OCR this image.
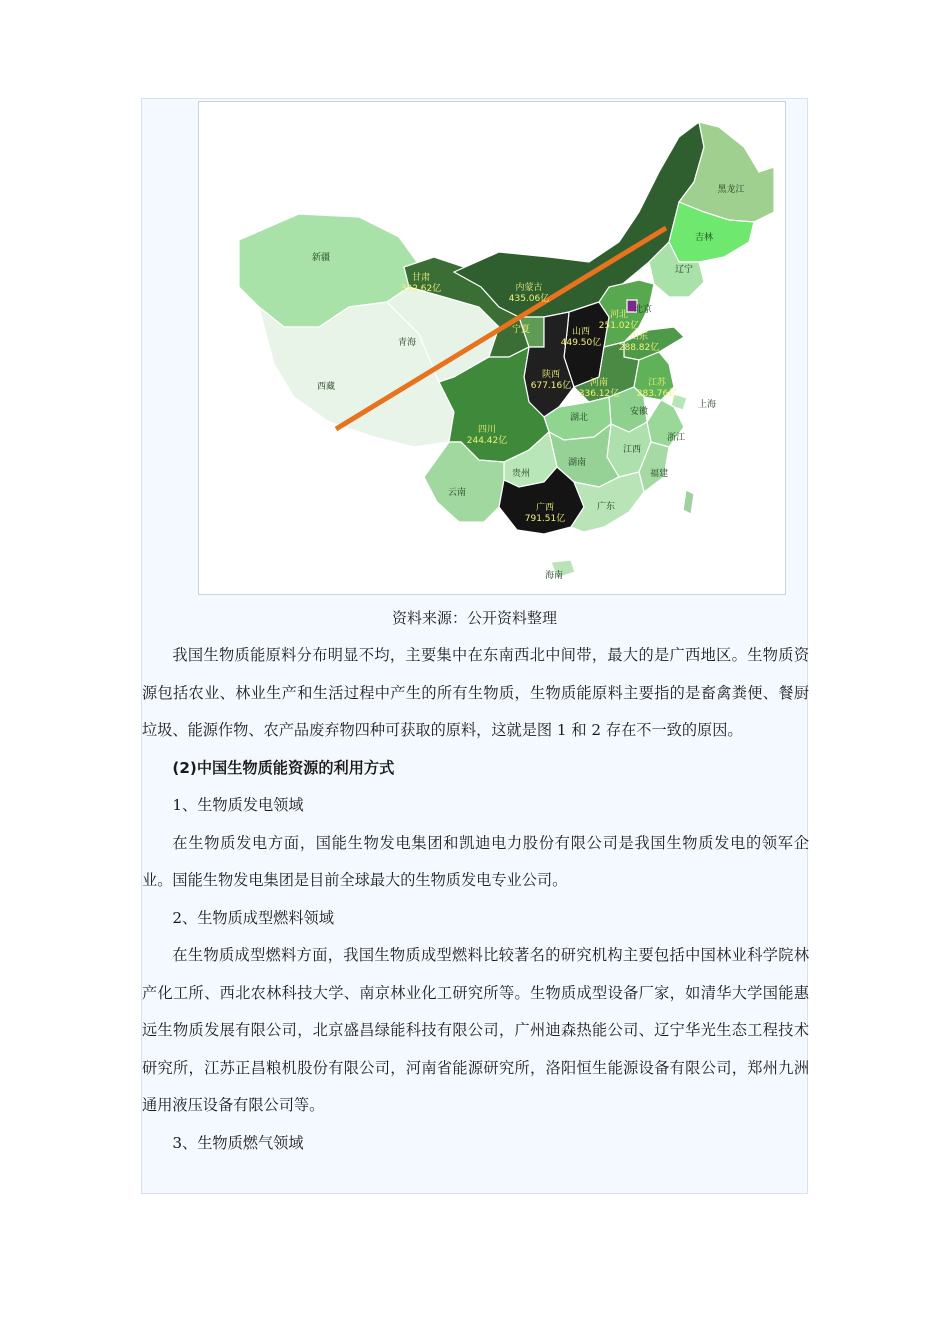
黑龙江
吉林
辽宁
内蒙古
435.06亿
新疆
甘肃
332.62亿
青海
西藏
宁夏	山西
449.50亿
陕西
677.16亿
河北
251.02亿
北京
山东
288.82亿
河南
336.12亿
江苏
283.76亿
上海
四川
244.42亿
湖北
安徽
浙江
江西
湖南
福建
贵州
云南
广西
791.51亿
广东
海南
资料来源：公开资料整理

我国生物质能原料分布明显不均，主要集中在东南西北中间带，最大的是广西地区。生物质资源包括农业、林业生产和生活过程中产生的所有生物质，生物质能原料主要指的是畜禽粪便、餐厨垃圾、能源作物、农产品废弃物四种可获取的原料，这就是图 1 和 2 存在不一致的原因。

(2)中国生物质能资源的利用方式

1、生物质发电领域

在生物质发电方面，国能生物发电集团和凯迪电力股份有限公司是我国生物质发电的领军企业。国能生物发电集团是目前全球最大的生物质发电专业公司。

2、生物质成型燃料领域

在生物质成型燃料方面，我国生物质成型燃料比较著名的研究机构主要包括中国林业科学院林产化工所、西北农林科技大学、南京林业化工研究所等。生物质成型设备厂家，如清华大学国能惠远生物质发展有限公司，北京盛昌绿能科技有限公司，广州迪森热能公司、辽宁华光生态工程技术研究所，江苏正昌粮机股份有限公司，河南省能源研究所，洛阳恒生能源设备有限公司，郑州九洲通用液压设备有限公司等。

3、生物质燃气领域
